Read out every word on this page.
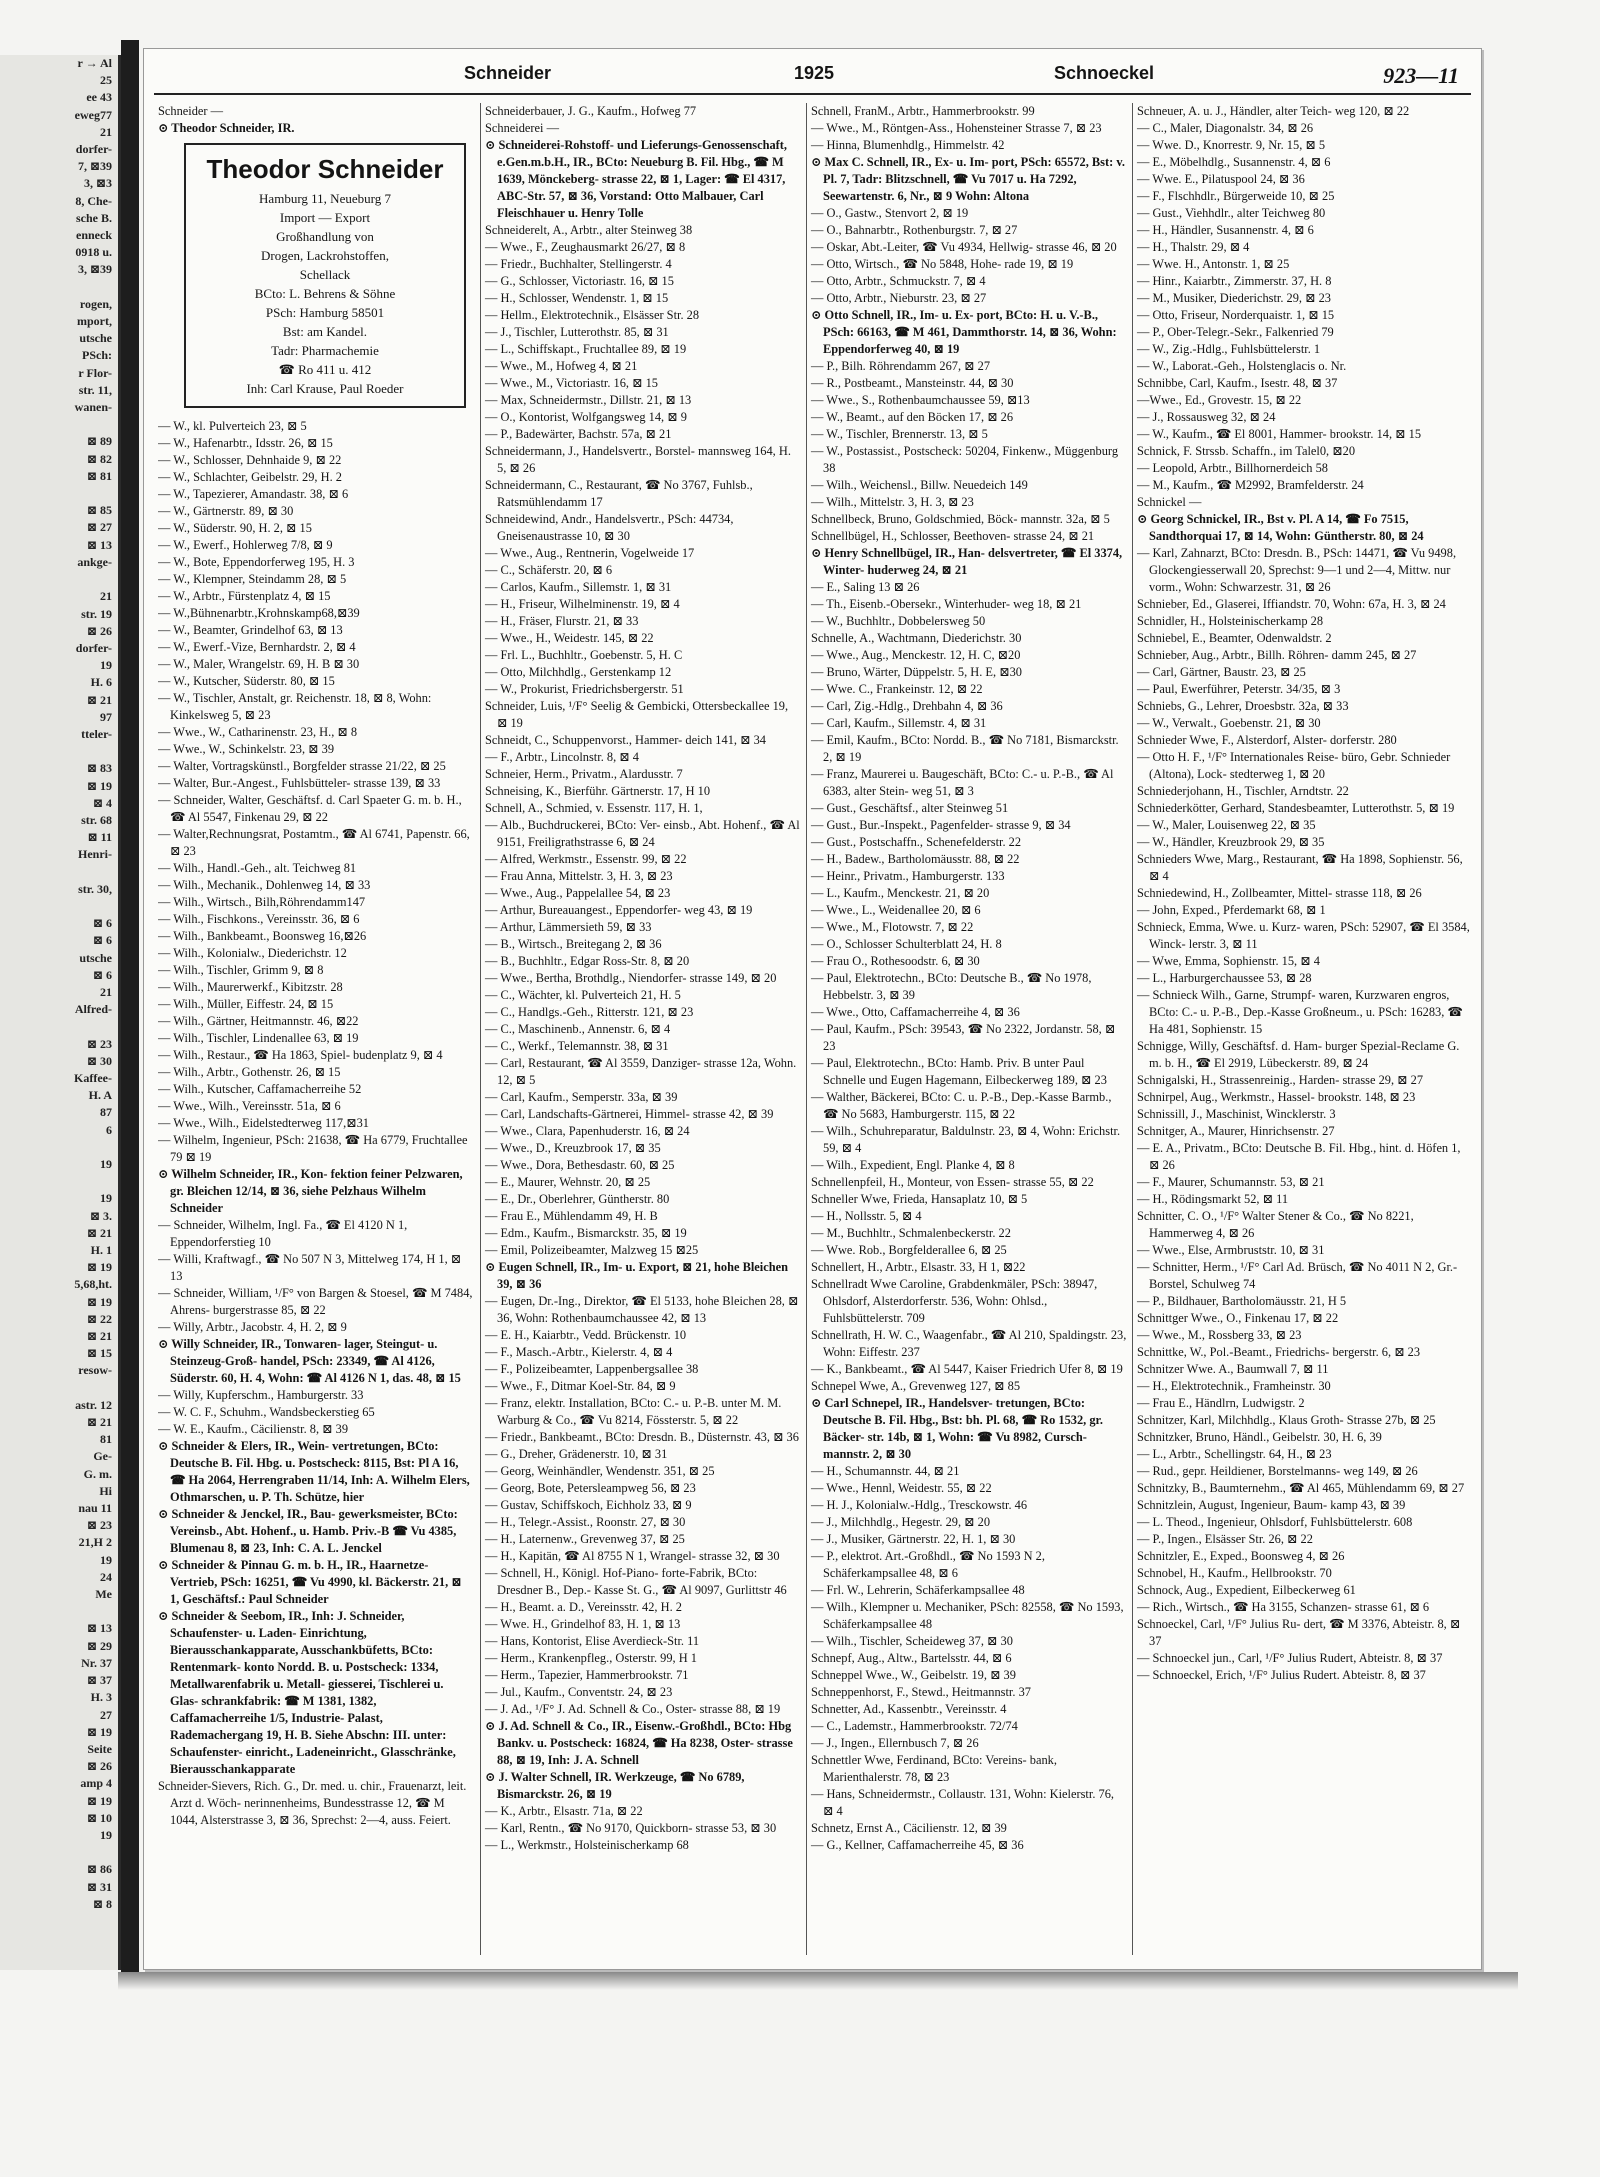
r → Al
25
ee 43
eweg77
21
dorfer-
7, ⊠39
3, ⊠3
8, Che-
sche B.
enneck
0918 u.
3, ⊠39

rogen,
mport,
utsche
PSch:
r Flor-
str. 11,
wanen-

⊠ 89
⊠ 82
⊠ 81

⊠ 85
⊠ 27
⊠ 13
ankge-

21
str. 19
⊠ 26
dorfer-
19
H. 6
⊠ 21
97
tteler-

⊠ 83
⊠ 19
⊠ 4
str. 68
⊠ 11
Henri-

str. 30,

⊠ 6
⊠ 6
utsche
⊠ 6
21
Alfred-

⊠ 23
⊠ 30
Kaffee-
H. A
87
6

19

19
⊠ 3.
⊠ 21
H. 1
⊠ 19
5,68,ht.
⊠ 19
⊠ 22
⊠ 21
⊠ 15
resow-

astr. 12
⊠ 21
81
Ge-
G. m.
Hi
nau 11
⊠ 23
21,H 2
19
24
Me

⊠ 13
⊠ 29
Nr. 37
⊠ 37
H. 3
27
⊠ 19
Seite
⊠ 26
amp 4
⊠ 19
⊠ 10
19

⊠ 86
⊠ 31
⊠ 8

Schneider	1925	Schnoeckel	923—11

Schneider —

⊙ Theodor Schneider, IR.

Theodor Schneider
Hamburg 11, Neueburg 7
Import — Export
Großhandlung von
Drogen, Lackrohstoffen,
Schellack
BCto: L. Behrens & Söhne
PSch: Hamburg 58501
Bst: am Kandel.
Tadr: Pharmachemie
☎ Ro 411 u. 412
Inh: Carl Krause, Paul Roeder

— W., kl. Pulverteich 23, ⊠ 5

— W., Hafenarbtr., Idsstr. 26, ⊠ 15

— W., Schlosser, Dehnhaide 9, ⊠ 22

— W., Schlachter, Geibelstr. 29, H. 2

— W., Tapezierer, Amandastr. 38, ⊠ 6

— W., Gärtnerstr. 89, ⊠ 30

— W., Süderstr. 90, H. 2, ⊠ 15

— W., Ewerf., Hohlerweg 7/8, ⊠ 9

— W., Bote, Eppendorferweg 195, H. 3

— W., Klempner, Steindamm 28, ⊠ 5

— W., Arbtr., Fürstenplatz 4, ⊠ 15

— W.,Bühnenarbtr.,Krohnskamp68,⊠39

— W., Beamter, Grindelhof 63, ⊠ 13

— W., Ewerf.-Vize, Bernhardstr. 2, ⊠ 4

— W., Maler, Wrangelstr. 69, H. B ⊠ 30

— W., Kutscher, Süderstr. 80, ⊠ 15

— W., Tischler, Anstalt, gr. Reichenstr. 18, ⊠ 8, Wohn: Kinkelsweg 5, ⊠ 23

— Wwe., W., Catharinenstr. 23, H., ⊠ 8

— Wwe., W., Schinkelstr. 23, ⊠ 39

— Walter, Vortragskünstl., Borgfelder strasse 21/22, ⊠ 25

— Walter, Bur.-Angest., Fuhlsbütteler- strasse 139, ⊠ 33

— Schneider, Walter, Geschäftsf. d. Carl Spaeter G. m. b. H., ☎ Al 5547, Finkenau 29, ⊠ 22

— Walter,Rechnungsrat, Postamtm., ☎ Al 6741, Papenstr. 66, ⊠ 23

— Wilh., Handl.-Geh., alt. Teichweg 81

— Wilh., Mechanik., Dohlenweg 14, ⊠ 33

— Wilh., Wirtsch., Bilh,Röhrendamm147

— Wilh., Fischkons., Vereinsstr. 36, ⊠ 6

— Wilh., Bankbeamt., Boonsweg 16,⊠26

— Wilh., Kolonialw., Diederichstr. 12

— Wilh., Tischler, Grimm 9, ⊠ 8

— Wilh., Maurerwerkf., Kibitzstr. 28

— Wilh., Müller, Eiffestr. 24, ⊠ 15

— Wilh., Gärtner, Heitmannstr. 46, ⊠22

— Wilh., Tischler, Lindenallee 63, ⊠ 19

— Wilh., Restaur., ☎ Ha 1863, Spiel- budenplatz 9, ⊠ 4

— Wilh., Arbtr., Gothenstr. 26, ⊠ 15

— Wilh., Kutscher, Caffamacherreihe 52

— Wwe., Wilh., Vereinsstr. 51a, ⊠ 6

— Wwe., Wilh., Eidelstedterweg 117,⊠31

— Wilhelm, Ingenieur, PSch: 21638, ☎ Ha 6779, Fruchtallee 79 ⊠ 19

⊙ Wilhelm Schneider, IR., Kon- fektion feiner Pelzwaren, gr. Bleichen 12/14, ⊠ 36, siehe Pelzhaus Wilhelm Schneider

— Schneider, Wilhelm, Ingl. Fa., ☎ El 4120 N 1, Eppendorferstieg 10

— Willi, Kraftwagf., ☎ No 507 N 3, Mittelweg 174, H 1, ⊠ 13

— Schneider, William, ¹/F° von Bargen & Stoesel, ☎ M 7484, Ahrens- burgerstrasse 85, ⊠ 22

— Willy, Arbtr., Jacobstr. 4, H. 2, ⊠ 9

⊙ Willy Schneider, IR., Tonwaren- lager, Steingut- u. Steinzeug-Groß- handel, PSch: 23349, ☎ Al 4126, Süderstr. 60, H. 4, Wohn: ☎ Al 4126 N 1, das. 48, ⊠ 15

— Willy, Kupferschm., Hamburgerstr. 33

— W. C. F., Schuhm., Wandsbeckerstieg 65

— W. E., Kaufm., Cäcilienstr. 8, ⊠ 39

⊙ Schneider & Elers, IR., Wein- vertretungen, BCto: Deutsche B. Fil. Hbg. u. Postscheck: 8115, Bst: Pl A 16, ☎ Ha 2064, Herrengraben 11/14, Inh: A. Wilhelm Elers, Othmarschen, u. P. Th. Schütze, hier

⊙ Schneider & Jenckel, IR., Bau- gewerksmeister, BCto: Vereinsb., Abt. Hohenf., u. Hamb. Priv.-B ☎ Vu 4385, Blumenau 8, ⊠ 23, Inh: C. A. L. Jenckel

⊙ Schneider & Pinnau G. m. b. H., IR., Haarnetze-Vertrieb, PSch: 16251, ☎ Vu 4990, kl. Bäckerstr. 21, ⊠ 1, Geschäftsf.: Paul Schneider

⊙ Schneider & Seebom, IR., Inh: J. Schneider, Schaufenster- u. Laden- Einrichtung, Bierausschankapparate, Ausschankbüfetts, BCto: Rentenmark- konto Nordd. B. u. Postscheck: 1334, Metallwarenfabrik u. Metall- giesserei, Tischlerei u. Glas- schrankfabrik: ☎ M 1381, 1382, Caffamacherreihe 1/5, Industrie- Palast, Rademachergang 19, H. B. Siehe Abschn: III. unter: Schaufenster- einricht., Ladeneinricht., Glasschränke, Bierausschankapparate

Schneider-Sievers, Rich. G., Dr. med. u. chir., Frauenarzt, leit. Arzt d. Wöch- nerinnenheims, Bundesstrasse 12, ☎ M 1044, Alsterstrasse 3, ⊠ 36, Sprechst: 2—4, auss. Feiert.

Schneiderbauer, J. G., Kaufm., Hofweg 77

Schneiderei —

⊙ Schneiderei-Rohstoff- und Lieferungs-Genossenschaft, e.Gen.m.b.H., IR., BCto: Neueburg B. Fil. Hbg., ☎ M 1639, Mönckeberg- strasse 22, ⊠ 1, Lager: ☎ El 4317, ABC-Str. 57, ⊠ 36, Vorstand: Otto Malbauer, Carl Fleischhauer u. Henry Tolle

Schneiderelt, A., Arbtr., alter Steinweg 38

— Wwe., F., Zeughausmarkt 26/27, ⊠ 8

— Friedr., Buchhalter, Stellingerstr. 4

— G., Schlosser, Victoriastr. 16, ⊠ 15

— H., Schlosser, Wendenstr. 1, ⊠ 15

— Hellm., Elektrotechnik., Elsässer Str. 28

— J., Tischler, Lutterothstr. 85, ⊠ 31

— L., Schiffskapt., Fruchtallee 89, ⊠ 19

— Wwe., M., Hofweg 4, ⊠ 21

— Wwe., M., Victoriastr. 16, ⊠ 15

— Max, Schneidermstr., Dillstr. 21, ⊠ 13

— O., Kontorist, Wolfgangsweg 14, ⊠ 9

— P., Badewärter, Bachstr. 57a, ⊠ 21

Schneidermann, J., Handelsvertr., Borstel- mannsweg 164, H. 5, ⊠ 26

Schneidermann, C., Restaurant, ☎ No 3767, Fuhlsb., Ratsmühlendamm 17

Schneidewind, Andr., Handelsvertr., PSch: 44734, Gneisenaustrasse 10, ⊠ 30

— Wwe., Aug., Rentnerin, Vogelweide 17

— C., Schäferstr. 20, ⊠ 6

— Carlos, Kaufm., Sillemstr. 1, ⊠ 31

— H., Friseur, Wilhelminenstr. 19, ⊠ 4

— H., Fräser, Flurstr. 21, ⊠ 33

— Wwe., H., Weidestr. 145, ⊠ 22

— Frl. L., Buchhltr., Goebenstr. 5, H. C

— Otto, Milchhdlg., Gerstenkamp 12

— W., Prokurist, Friedrichsbergerstr. 51

Schneider, Luis, ¹/F° Seelig & Gembicki, Ottersbeckallee 19, ⊠ 19

Schneidt, C., Schuppenvorst., Hammer- deich 141, ⊠ 34

— F., Arbtr., Lincolnstr. 8, ⊠ 4

Schneier, Herm., Privatm., Alardusstr. 7

Schneising, K., Bierführ. Gärtnerstr. 17, H 10

Schnell, A., Schmied, v. Essenstr. 117, H. 1,

— Alb., Buchdruckerei, BCto: Ver- einsb., Abt. Hohenf., ☎ Al 9151, Freiligrathstrasse 6, ⊠ 24

— Alfred, Werkmstr., Essenstr. 99, ⊠ 22

— Frau Anna, Mittelstr. 3, H. 3, ⊠ 23

— Wwe., Aug., Pappelallee 54, ⊠ 23

— Arthur, Bureauangest., Eppendorfer- weg 43, ⊠ 19

— Arthur, Lämmersieth 59, ⊠ 33

— B., Wirtsch., Breitegang 2, ⊠ 36

— B., Buchhltr., Edgar Ross-Str. 8, ⊠ 20

— Wwe., Bertha, Brothdlg., Niendorfer- strasse 149, ⊠ 20

— C., Wächter, kl. Pulverteich 21, H. 5

— C., Handlgs.-Geh., Ritterstr. 121, ⊠ 23

— C., Maschinenb., Annenstr. 6, ⊠ 4

— C., Werkf., Telemannstr. 38, ⊠ 31

— Carl, Restaurant, ☎ Al 3559, Danziger- strasse 12a, Wohn. 12, ⊠ 5

— Carl, Kaufm., Semperstr. 33a, ⊠ 39

— Carl, Landschafts-Gärtnerei, Himmel- strasse 42, ⊠ 39

— Wwe., Clara, Papenhuderstr. 16, ⊠ 24

— Wwe., D., Kreuzbrook 17, ⊠ 35

— Wwe., Dora, Bethesdastr. 60, ⊠ 25

— E., Maurer, Wehnstr. 20, ⊠ 25

— E., Dr., Oberlehrer, Güntherstr. 80

— Frau E., Mühlendamm 49, H. B

— Edm., Kaufm., Bismarckstr. 35, ⊠ 19

— Emil, Polizeibeamter, Malzweg 15 ⊠25

⊙ Eugen Schnell, IR., Im- u. Export, ⊠ 21, hohe Bleichen 39, ⊠ 36

— Eugen, Dr.-Ing., Direktor, ☎ El 5133, hohe Bleichen 28, ⊠ 36, Wohn: Rothenbaumchaussee 42, ⊠ 13

— E. H., Kaiarbtr., Vedd. Brückenstr. 10

— F., Masch.-Arbtr., Kielerstr. 4, ⊠ 4

— F., Polizeibeamter, Lappenbergsallee 38

— Wwe., F., Ditmar Koel-Str. 84, ⊠ 9

— Franz, elektr. Installation, BCto: C.- u. P.-B. unter M. M. Warburg & Co., ☎ Vu 8214, Fössterstr. 5, ⊠ 22

— Friedr., Bankbeamt., BCto: Dresdn. B., Düsternstr. 43, ⊠ 36

— G., Dreher, Grädenerstr. 10, ⊠ 31

— Georg, Weinhändler, Wendenstr. 351, ⊠ 25

— Georg, Bote, Petersleampweg 56, ⊠ 23

— Gustav, Schiffskoch, Eichholz 33, ⊠ 9

— H., Telegr.-Assist., Roonstr. 27, ⊠ 30

— H., Laternenw., Grevenweg 37, ⊠ 25

— H., Kapitän, ☎ Al 8755 N 1, Wrangel- strasse 32, ⊠ 30

— Schnell, H., Königl. Hof-Piano- forte-Fabrik, BCto: Dresdner B., Dep.- Kasse St. G., ☎ Al 9097, Gurlittstr 46

— H., Beamt. a. D., Vereinsstr. 42, H. 2

— Wwe. H., Grindelhof 83, H. 1, ⊠ 13

— Hans, Kontorist, Elise Averdieck-Str. 11

— Herm., Krankenpfleg., Osterstr. 99, H 1

— Herm., Tapezier, Hammerbrookstr. 71

— Jul., Kaufm., Conventstr. 24, ⊠ 23

— J. Ad., ¹/F° J. Ad. Schnell & Co., Oster- strasse 88, ⊠ 19

⊙ J. Ad. Schnell & Co., IR., Eisenw.-Großhdl., BCto: Hbg Bankv. u. Postscheck: 16824, ☎ Ha 8238, Oster- strasse 88, ⊠ 19, Inh: J. A. Schnell

⊙ J. Walter Schnell, IR. Werkzeuge, ☎ No 6789, Bismarckstr. 26, ⊠ 19

— K., Arbtr., Elsastr. 71a, ⊠ 22

— Karl, Rentn., ☎ No 9170, Quickborn- strasse 53, ⊠ 30

— L., Werkmstr., Holsteinischerkamp 68

Schnell, FranM., Arbtr., Hammerbrookstr. 99

— Wwe., M., Röntgen-Ass., Hohensteiner Strasse 7, ⊠ 23

— Hinna, Blumenhdlg., Himmelstr. 42

⊙ Max C. Schnell, IR., Ex- u. Im- port, PSch: 65572, Bst: v. Pl. 7, Tadr: Blitzschnell, ☎ Vu 7017 u. Ha 7292, Seewartenstr. 6, Nr., ⊠ 9 Wohn: Altona

— O., Gastw., Stenvort 2, ⊠ 19

— O., Bahnarbtr., Rothenburgstr. 7, ⊠ 27

— Oskar, Abt.-Leiter, ☎ Vu 4934, Hellwig- strasse 46, ⊠ 20

— Otto, Wirtsch., ☎ No 5848, Hohe- rade 19, ⊠ 19

— Otto, Arbtr., Schmuckstr. 7, ⊠ 4

— Otto, Arbtr., Nieburstr. 23, ⊠ 27

⊙ Otto Schnell, IR., Im- u. Ex- port, BCto: H. u. V.-B., PSch: 66163, ☎ M 461, Dammthorstr. 14, ⊠ 36, Wohn: Eppendorferweg 40, ⊠ 19

— P., Bilh. Röhrendamm 267, ⊠ 27

— R., Postbeamt., Mansteinstr. 44, ⊠ 30

— Wwe., S., Rothenbaumchaussee 59, ⊠13

— W., Beamt., auf den Böcken 17, ⊠ 26

— W., Tischler, Brennerstr. 13, ⊠ 5

— W., Postassist., Postscheck: 50204, Finkenw., Müggenburg 38

— Wilh., Weichensl., Billw. Neuedeich 149

— Wilh., Mittelstr. 3, H. 3, ⊠ 23

Schnellbeck, Bruno, Goldschmied, Böck- mannstr. 32a, ⊠ 5

Schnellbügel, H., Schlosser, Beethoven- strasse 24, ⊠ 21

⊙ Henry Schnellbügel, IR., Han- delsvertreter, ☎ El 3374, Winter- huderweg 24, ⊠ 21

— E., Saling 13 ⊠ 26

— Th., Eisenb.-Obersekr., Winterhuder- weg 18, ⊠ 21

— W., Buchhltr., Dobbelersweg 50

Schnelle, A., Wachtmann, Diederichstr. 30

— Wwe., Aug., Menckestr. 12, H. C, ⊠20

— Bruno, Wärter, Düppelstr. 5, H. E, ⊠30

— Wwe. C., Frankeinstr. 12, ⊠ 22

— Carl, Zig.-Hdlg., Drehbahn 4, ⊠ 36

— Carl, Kaufm., Sillemstr. 4, ⊠ 31

— Emil, Kaufm., BCto: Nordd. B., ☎ No 7181, Bismarckstr. 2, ⊠ 19

— Franz, Maurerei u. Baugeschäft, BCto: C.- u. P.-B., ☎ Al 6383, alter Stein- weg 51, ⊠ 3

— Gust., Geschäftsf., alter Steinweg 51

— Gust., Bur.-Inspekt., Pagenfelder- strasse 9, ⊠ 34

— Gust., Postschaffn., Schenefelderstr. 22

— H., Badew., Bartholomäusstr. 88, ⊠ 22

— Heinr., Privatm., Hamburgerstr. 133

— L., Kaufm., Menckestr. 21, ⊠ 20

— Wwe., L., Weidenallee 20, ⊠ 6

— Wwe., M., Flotowstr. 7, ⊠ 22

— O., Schlosser Schulterblatt 24, H. 8

— Frau O., Rothesoodstr. 6, ⊠ 30

— Paul, Elektrotechn., BCto: Deutsche B., ☎ No 1978, Hebbelstr. 3, ⊠ 39

— Wwe., Otto, Caffamacherreihe 4, ⊠ 36

— Paul, Kaufm., PSch: 39543, ☎ No 2322, Jordanstr. 58, ⊠ 23

— Paul, Elektrotechn., BCto: Hamb. Priv. B unter Paul Schnelle und Eugen Hagemann, Eilbeckerweg 189, ⊠ 23

— Walther, Bäckerei, BCto: C. u. P.-B., Dep.-Kasse Barmb., ☎ No 5683, Hamburgerstr. 115, ⊠ 22

— Wilh., Schuhreparatur, Baldulnstr. 23, ⊠ 4, Wohn: Erichstr. 59, ⊠ 4

— Wilh., Expedient, Engl. Planke 4, ⊠ 8

Schnellenpfeil, H., Monteur, von Essen- strasse 55, ⊠ 22

Schneller Wwe, Frieda, Hansaplatz 10, ⊠ 5

— H., Nollsstr. 5, ⊠ 4

— M., Buchhltr., Schmalenbeckerstr. 22

— Wwe. Rob., Borgfelderallee 6, ⊠ 25

Schnellert, H., Arbtr., Elsastr. 33, H 1, ⊠22

Schnellradt Wwe Caroline, Grabdenkmäler, PSch: 38947, Ohlsdorf, Alsterdorferstr. 536, Wohn: Ohlsd., Fuhlsbüttelerstr. 709

Schnellrath, H. W. C., Waagenfabr., ☎ Al 210, Spaldingstr. 23, Wohn: Eiffestr. 237

— K., Bankbeamt., ☎ Al 5447, Kaiser Friedrich Ufer 8, ⊠ 19

Schnepel Wwe, A., Grevenweg 127, ⊠ 85

⊙ Carl Schnepel, IR., Handelsver- tretungen, BCto: Deutsche B. Fil. Hbg., Bst: bh. Pl. 68, ☎ Ro 1532, gr. Bäcker- str. 14b, ⊠ 1, Wohn: ☎ Vu 8982, Cursch- mannstr. 2, ⊠ 30

— H., Schumannstr. 44, ⊠ 21

— Wwe., Hennl, Weidestr. 55, ⊠ 22

— H. J., Kolonialw.-Hdlg., Tresckowstr. 46

— J., Milchhdlg., Hegestr. 29, ⊠ 20

— J., Musiker, Gärtnerstr. 22, H. 1, ⊠ 30

— P., elektrot. Art.-Großhdl., ☎ No 1593 N 2, Schäferkampsallee 48, ⊠ 6

— Frl. W., Lehrerin, Schäferkampsallee 48

— Wilh., Klempner u. Mechaniker, PSch: 82558, ☎ No 1593, Schäferkampsallee 48

— Wilh., Tischler, Scheideweg 37, ⊠ 30

Schnepf, Aug., Altw., Bartelsstr. 44, ⊠ 6

Schneppel Wwe., W., Geibelstr. 19, ⊠ 39

Schneppenhorst, F., Stewd., Heitmannstr. 37

Schnetter, Ad., Kassenbtr., Vereinsstr. 4

— C., Lademstr., Hammerbrookstr. 72/74

— J., Ingen., Ellernbusch 7, ⊠ 26

Schnettler Wwe, Ferdinand, BCto: Vereins- bank, Marienthalerstr. 78, ⊠ 23

— Hans, Schneidermstr., Collaustr. 131, Wohn: Kielerstr. 76, ⊠ 4

Schnetz, Ernst A., Cäcilienstr. 12, ⊠ 39

— G., Kellner, Caffamacherreihe 45, ⊠ 36

Schneuer, A. u. J., Händler, alter Teich- weg 120, ⊠ 22

— C., Maler, Diagonalstr. 34, ⊠ 26

— Wwe. D., Knorrestr. 9, Nr. 15, ⊠ 5

— E., Möbelhdlg., Susannenstr. 4, ⊠ 6

— Wwe. E., Pilatuspool 24, ⊠ 36

— F., Flschhdlr., Bürgerweide 10, ⊠ 25

— Gust., Viehhdlr., alter Teichweg 80

— H., Händler, Susannenstr. 4, ⊠ 6

— H., Thalstr. 29, ⊠ 4

— Wwe. H., Antonstr. 1, ⊠ 25

— Hinr., Kaiarbtr., Zimmerstr. 37, H. 8

— M., Musiker, Diederichstr. 29, ⊠ 23

— Otto, Friseur, Norderquaistr. 1, ⊠ 15

— P., Ober-Telegr.-Sekr., Falkenried 79

— W., Zig.-Hdlg., Fuhlsbüttelerstr. 1

— W., Laborat.-Geh., Holstenglacis o. Nr.

Schnibbe, Carl, Kaufm., Isestr. 48, ⊠ 37

—Wwe., Ed., Grovestr. 15, ⊠ 22

— J., Rossausweg 32, ⊠ 24

— W., Kaufm., ☎ El 8001, Hammer- brookstr. 14, ⊠ 15

Schnick, F. Strssb. Schaffn., im Talel0, ⊠20

— Leopold, Arbtr., Billhornerdeich 58

— M., Kaufm., ☎ M2992, Bramfelderstr. 24

Schnickel —

⊙ Georg Schnickel, IR., Bst v. Pl. A 14, ☎ Fo 7515, Sandthorquai 17, ⊠ 14, Wohn: Güntherstr. 80, ⊠ 24

— Karl, Zahnarzt, BCto: Dresdn. B., PSch: 14471, ☎ Vu 9498, Glockengiesserwall 20, Sprechst: 9—1 und 2—4, Mittw. nur vorm., Wohn: Schwarzestr. 31, ⊠ 26

Schnieber, Ed., Glaserei, Iffiandstr. 70, Wohn: 67a, H. 3, ⊠ 24

Schnidler, H., Holsteinischerkamp 28

Schniebel, E., Beamter, Odenwaldstr. 2

Schnieber, Aug., Arbtr., Billh. Röhren- damm 245, ⊠ 27

— Carl, Gärtner, Baustr. 23, ⊠ 25

— Paul, Ewerführer, Peterstr. 34/35, ⊠ 3

Schniebs, G., Lehrer, Droesbstr. 32a, ⊠ 33

— W., Verwalt., Goebenstr. 21, ⊠ 30

Schnieder Wwe, F., Alsterdorf, Alster- dorferstr. 280

— Otto H. F., ¹/F° Internationales Reise- büro, Gebr. Schnieder (Altona), Lock- stedterweg 1, ⊠ 20

Schniederjohann, H., Tischler, Arndtstr. 22

Schniederkötter, Gerhard, Standesbeamter, Lutterothstr. 5, ⊠ 19

— W., Maler, Louisenweg 22, ⊠ 35

— W., Händler, Kreuzbrook 29, ⊠ 35

Schnieders Wwe, Marg., Restaurant, ☎ Ha 1898, Sophienstr. 56, ⊠ 4

Schniedewind, H., Zollbeamter, Mittel- strasse 118, ⊠ 26

— John, Exped., Pferdemarkt 68, ⊠ 1

Schnieck, Emma, Wwe. u. Kurz- waren, PSch: 52907, ☎ El 3584, Winck- lerstr. 3, ⊠ 11

— Wwe, Emma, Sophienstr. 15, ⊠ 4

— L., Harburgerchaussee 53, ⊠ 28

— Schnieck Wilh., Garne, Strumpf- waren, Kurzwaren engros, BCto: C.- u. P.-B., Dep.-Kasse Großneum., u. PSch: 16283, ☎ Ha 481, Sophienstr. 15

Schnigge, Willy, Geschäftsf. d. Ham- burger Spezial-Reclame G. m. b. H., ☎ El 2919, Lübeckerstr. 89, ⊠ 24

Schnigalski, H., Strassenreinig., Harden- strasse 29, ⊠ 27

Schnirpel, Aug., Werkmstr., Hassel- brookstr. 148, ⊠ 23

Schnissill, J., Maschinist, Wincklerstr. 3

Schnitger, A., Maurer, Hinrichsenstr. 27

— E. A., Privatm., BCto: Deutsche B. Fil. Hbg., hint. d. Höfen 1, ⊠ 26

— F., Maurer, Schumannstr. 53, ⊠ 21

— H., Rödingsmarkt 52, ⊠ 11

Schnitter, C. O., ¹/F° Walter Stener & Co., ☎ No 8221, Hammerweg 4, ⊠ 26

— Wwe., Else, Armbruststr. 10, ⊠ 31

— Schnitter, Herm., ¹/F° Carl Ad. Brüsch, ☎ No 4011 N 2, Gr.-Borstel, Schulweg 74

— P., Bildhauer, Bartholomäusstr. 21, H 5

Schnittger Wwe., O., Finkenau 17, ⊠ 22

— Wwe., M., Rossberg 33, ⊠ 23

Schnittke, W., Pol.-Beamt., Friedrichs- bergerstr. 6, ⊠ 23

Schnitzer Wwe. A., Baumwall 7, ⊠ 11

— H., Elektrotechnik., Framheinstr. 30

— Frau E., Händlrn, Ludwigstr. 2

Schnitzer, Karl, Milchhdlg., Klaus Groth- Strasse 27b, ⊠ 25

Schnitzker, Bruno, Händl., Geibelstr. 30, H. 6, 39

— L., Arbtr., Schellingstr. 64, H., ⊠ 23

— Rud., gepr. Heildiener, Borstelmanns- weg 149, ⊠ 26

Schnitzky, B., Baumternehm., ☎ Al 465, Mühlendamm 69, ⊠ 27

Schnitzlein, August, Ingenieur, Baum- kamp 43, ⊠ 39

— L. Theod., Ingenieur, Ohlsdorf, Fuhlsbüttelerstr. 608

— P., Ingen., Elsässer Str. 26, ⊠ 22

Schnitzler, E., Exped., Boonsweg 4, ⊠ 26

Schnobel, H., Kaufm., Hellbrookstr. 70

Schnock, Aug., Expedient, Eilbeckerweg 61

— Rich., Wirtsch., ☎ Ha 3155, Schanzen- strasse 61, ⊠ 6

Schnoeckel, Carl, ¹/F° Julius Ru- dert, ☎ M 3376, Abteistr. 8, ⊠ 37

— Schnoeckel jun., Carl, ¹/F° Julius Rudert, Abteistr. 8, ⊠ 37

— Schnoeckel, Erich, ¹/F° Julius Rudert. Abteistr. 8, ⊠ 37
